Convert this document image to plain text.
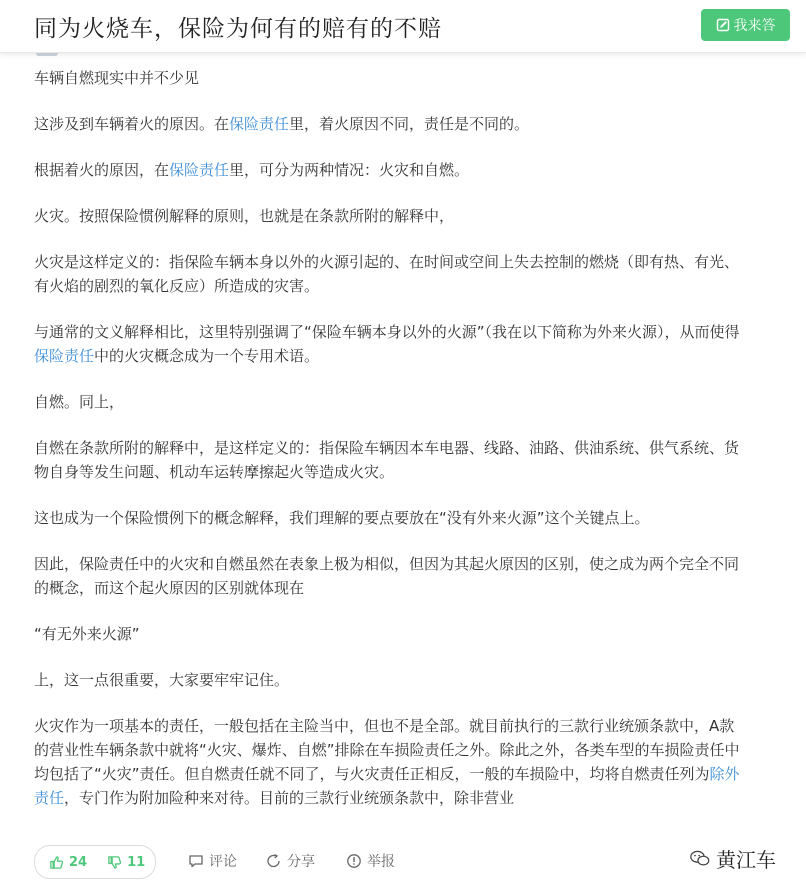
同为火烧车，保险为何有的赔有的不赔	我来答

车辆自燃现实中并不少见

这涉及到车辆着火的原因。在保险责任里，着火原因不同，责任是不同的。

根据着火的原因，在保险责任里，可分为两种情况：火灾和自燃。

火灾。按照保险惯例解释的原则，也就是在条款所附的解释中，

火灾是这样定义的：指保险车辆本身以外的火源引起的、在时间或空间上失去控制的燃烧（即有热、有光、有火焰的剧烈的氧化反应）所造成的灾害。

与通常的文义解释相比，这里特别强调了“保险车辆本身以外的火源”（我在以下简称为外来火源），从而使得保险责任中的火灾概念成为一个专用术语。

自燃。同上，

自燃在条款所附的解释中，是这样定义的：指保险车辆因本车电器、线路、油路、供油系统、供气系统、货物自身等发生问题、机动车运转摩擦起火等造成火灾。

这也成为一个保险惯例下的概念解释，我们理解的要点要放在“没有外来火源”这个关键点上。

因此，保险责任中的火灾和自燃虽然在表象上极为相似，但因为其起火原因的区别，使之成为两个完全不同的概念，而这个起火原因的区别就体现在

“有无外来火源”

上，这一点很重要，大家要牢牢记住。

火灾作为一项基本的责任，一般包括在主险当中，但也不是全部。就目前执行的三款行业统颁条款中，A款的营业性车辆条款中就将“火灾、爆炸、自燃”排除在车损险责任之外。除此之外，各类车型的车损险责任中均包括了“火灾”责任。但自燃责任就不同了，与火灾责任正相反，一般的车损险中，均将自燃责任列为除外责任，专门作为附加险种来对待。目前的三款行业统颁条款中，除非营业

24	11	评论	分享	举报	黄江车
